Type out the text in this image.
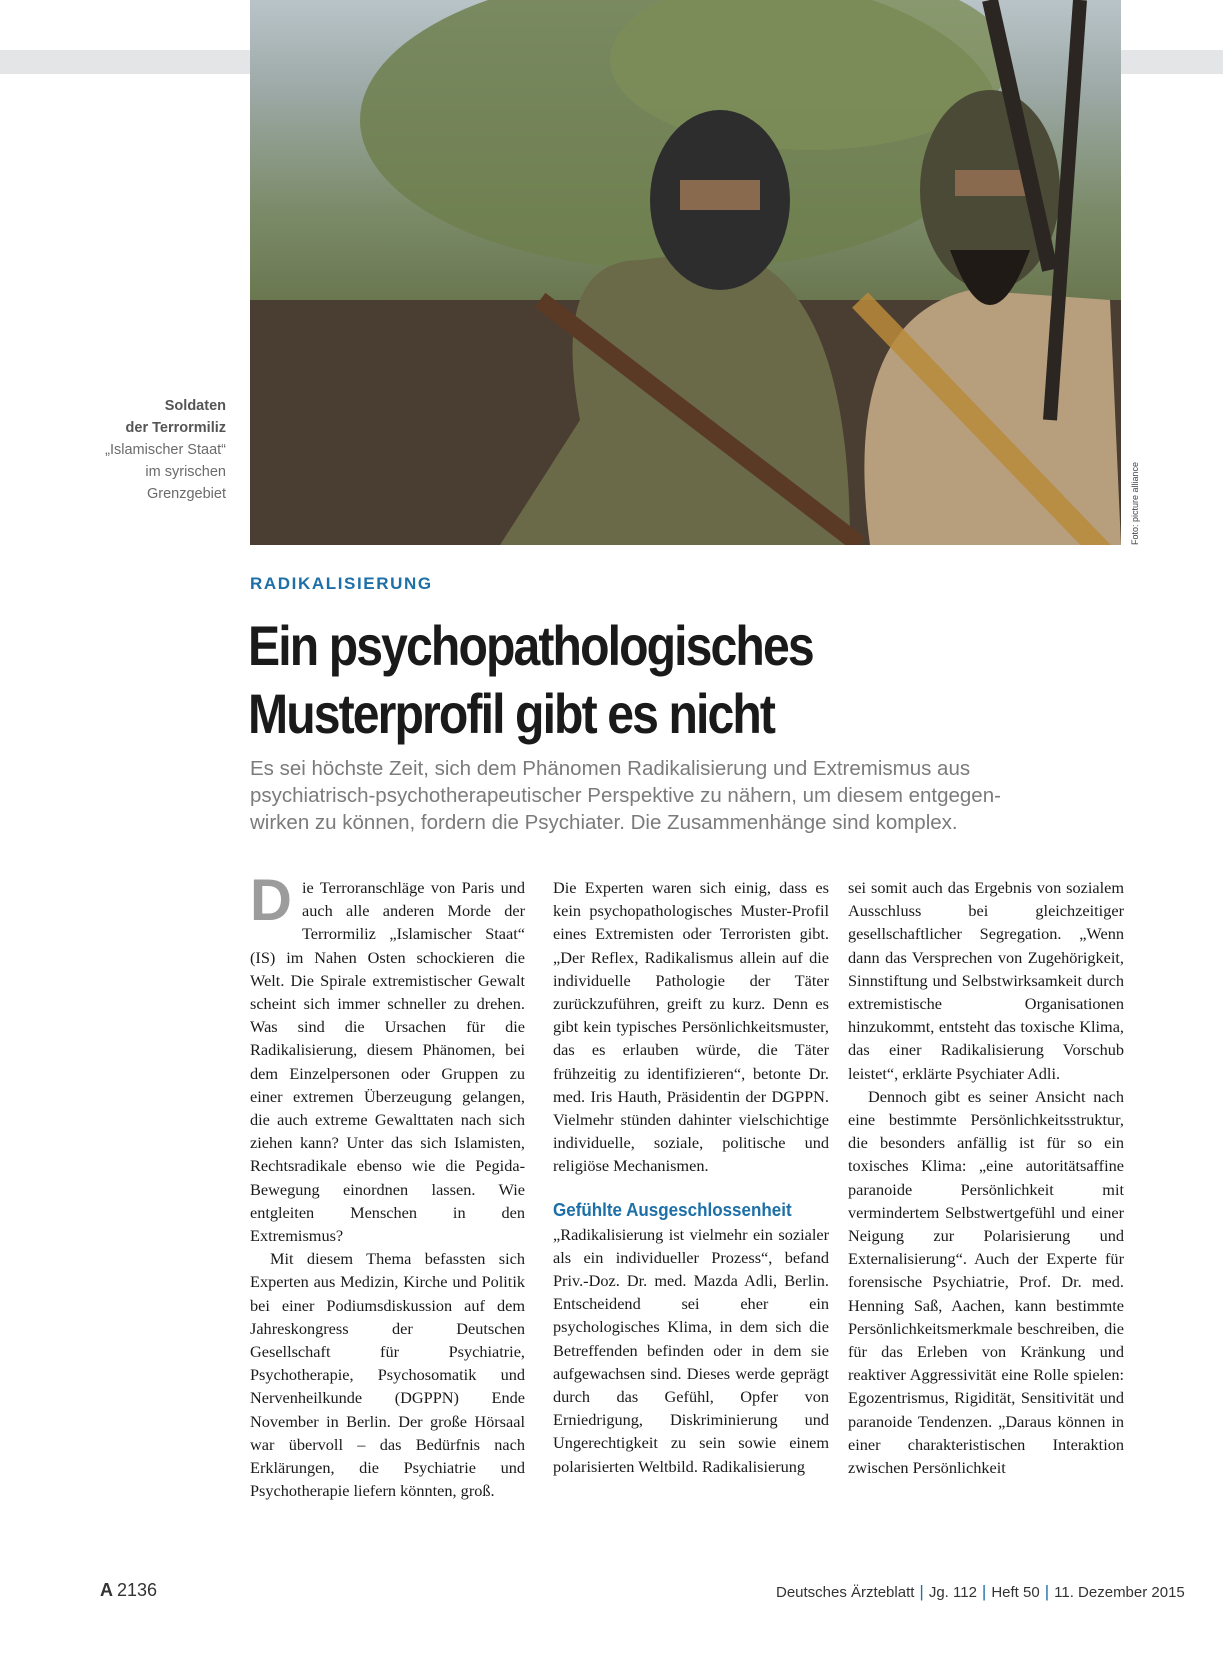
Foto: picture alliance
Soldaten
der Terrormiliz
„Islamischer Staat“
im syrischen
Grenzgebiet
RADIKALISIERUNG
Ein psychopathologisches
Musterprofil gibt es nicht
Es sei höchste Zeit, sich dem Phänomen Radikalisierung und Extremismus aus
psychiatrisch-psychotherapeutischer Perspektive zu nähern, um diesem entgegen-
wirken zu können, fordern die Psychiater. Die Zusammenhänge sind komplex.

Die Terroranschläge von Paris und auch alle anderen Morde der Terrormiliz „Islamischer Staat“ (IS) im Nahen Osten schockieren die Welt. Die Spirale extremistischer Gewalt scheint sich immer schneller zu drehen. Was sind die Ursachen für die Radikalisierung, diesem Phänomen, bei dem Einzelpersonen oder Gruppen zu einer extremen Überzeugung gelangen, die auch extreme Gewalttaten nach sich ziehen kann? Unter das sich Islamisten, Rechtsradikale ebenso wie die Pegida-Bewegung einordnen lassen. Wie entgleiten Menschen in den Extremismus?

Mit diesem Thema befassten sich Experten aus Medizin, Kirche und Politik bei einer Podiumsdiskussion auf dem Jahreskongress der Deutschen Gesellschaft für Psychiatrie, Psychotherapie, Psychosomatik und Nervenheilkunde (DGPPN) Ende November in Berlin. Der große Hörsaal war übervoll – das Bedürfnis nach Erklärungen, die Psychiatrie und Psychotherapie liefern könnten, groß.

Die Experten waren sich einig, dass es kein psychopathologisches Muster-Profil eines Extremisten oder Terroristen gibt. „Der Reflex, Radikalismus allein auf die individuelle Pathologie der Täter zurückzuführen, greift zu kurz. Denn es gibt kein typisches Persönlichkeitsmuster, das es erlauben würde, die Täter frühzeitig zu identifizieren“, betonte Dr. med. Iris Hauth, Präsidentin der DGPPN. Vielmehr stünden dahinter vielschichtige individuelle, soziale, politische und religiöse Mechanismen.

Gefühlte Ausgeschlossenheit

„Radikalisierung ist vielmehr ein sozialer als ein individueller Prozess“, befand Priv.-Doz. Dr. med. Mazda Adli, Berlin. Entscheidend sei eher ein psychologisches Klima, in dem sich die Betreffenden befinden oder in dem sie aufgewachsen sind. Dieses werde geprägt durch das Gefühl, Opfer von Erniedrigung, Diskriminierung und Ungerechtigkeit zu sein sowie einem polarisierten Weltbild. Radikalisierung

sei somit auch das Ergebnis von sozialem Ausschluss bei gleichzeitiger gesellschaftlicher Segregation. „Wenn dann das Versprechen von Zugehörigkeit, Sinnstiftung und Selbstwirksamkeit durch extremistische Organisationen hinzukommt, entsteht das toxische Klima, das einer Radikalisierung Vorschub leistet“, erklärte Psychiater Adli.

Dennoch gibt es seiner Ansicht nach eine bestimmte Persönlichkeitsstruktur, die besonders anfällig ist für so ein toxisches Klima: „eine autoritätsaffine paranoide Persönlichkeit mit vermindertem Selbstwertgefühl und einer Neigung zur Polarisierung und Externalisierung“. Auch der Experte für forensische Psychiatrie, Prof. Dr. med. Henning Saß, Aachen, kann bestimmte Persönlichkeitsmerkmale beschreiben, die für das Erleben von Kränkung und reaktiver Aggressivität eine Rolle spielen: Egozentrismus, Rigidität, Sensitivität und paranoide Tendenzen. „Daraus können in einer charakteristischen Interaktion zwischen Persönlichkeit

A 2136	Deutsches Ärzteblatt | Jg. 112 | Heft 50 | 11. Dezember 2015
